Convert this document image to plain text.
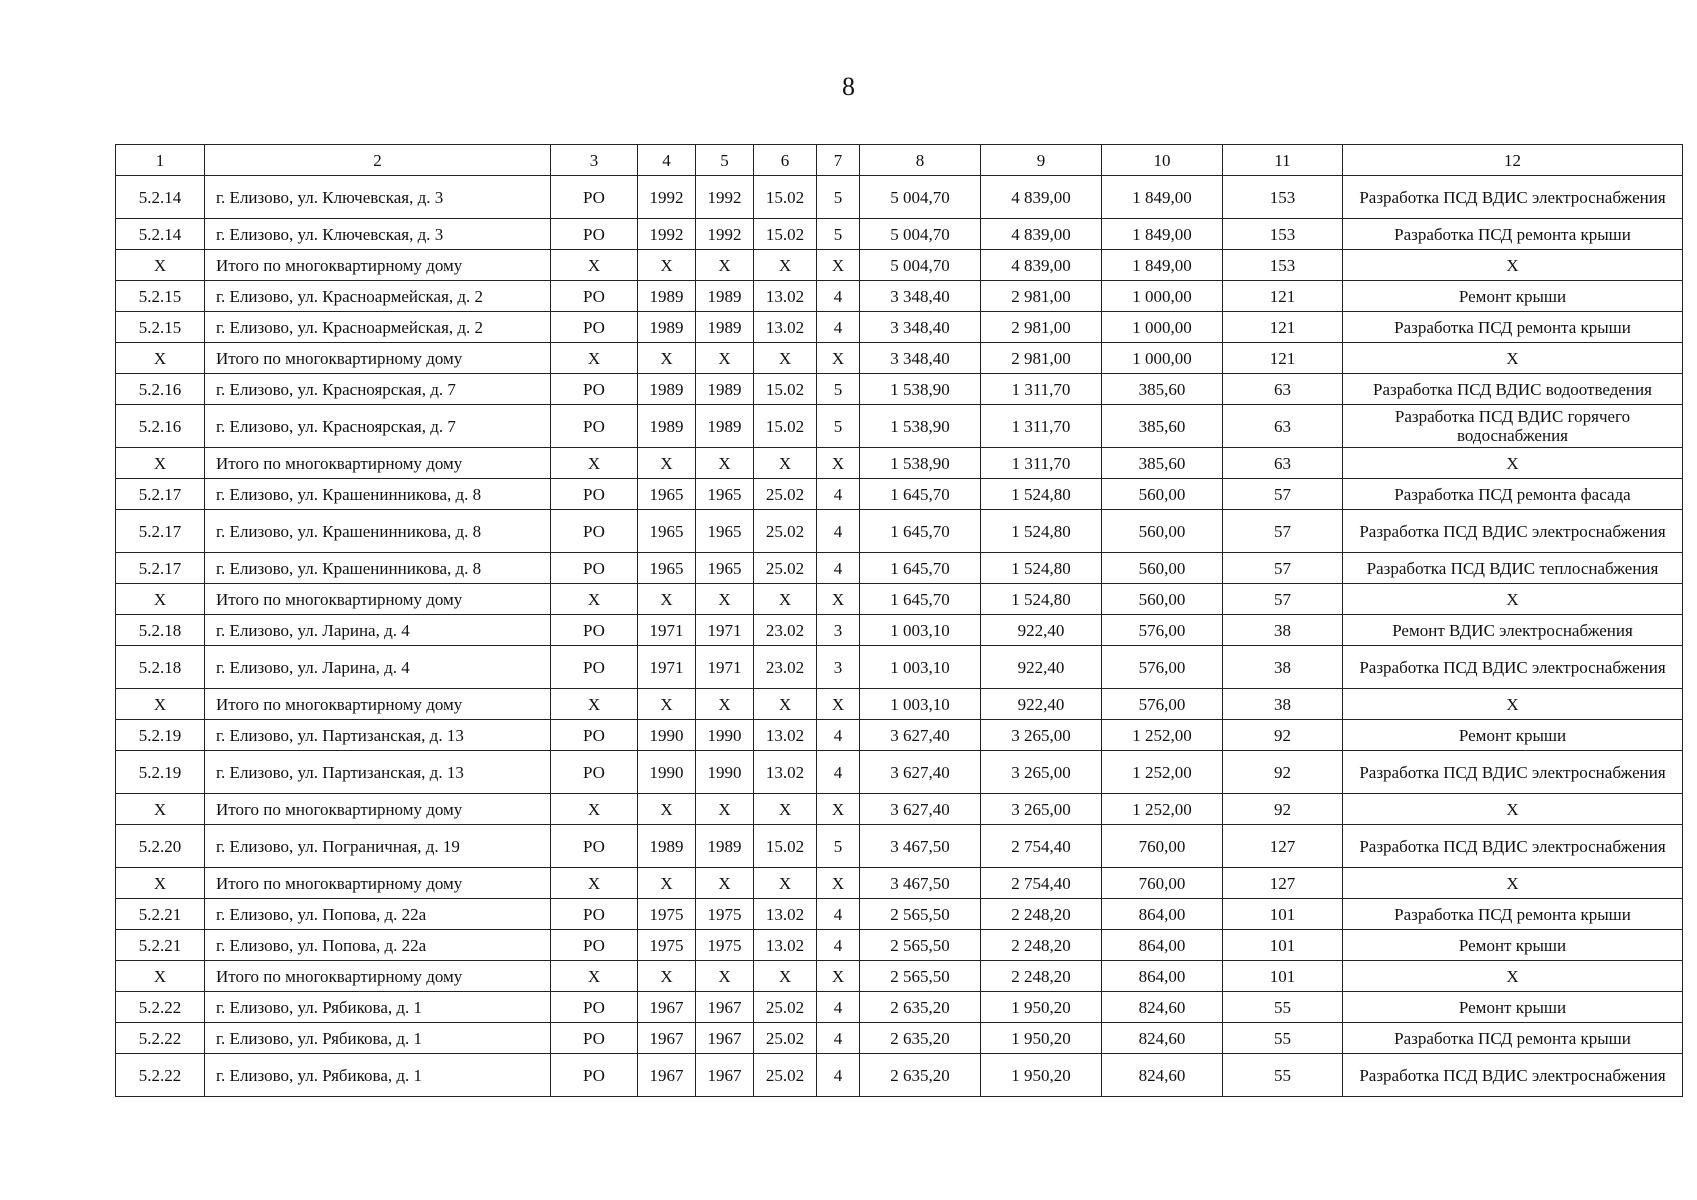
8
1	2	3	4	5	6	7	8	9	10	11	12
5.2.14	г. Елизово, ул. Ключевская, д. 3	РО	1992	1992	15.02	5	5 004,70	4 839,00	1 849,00	153	Разработка ПСД ВДИС электроснабжения
5.2.14	г. Елизово, ул. Ключевская, д. 3	РО	1992	1992	15.02	5	5 004,70	4 839,00	1 849,00	153	Разработка ПСД ремонта крыши
Х	Итого по многоквартирному дому	Х	Х	Х	Х	Х	5 004,70	4 839,00	1 849,00	153	Х
5.2.15	г. Елизово, ул. Красноармейская, д. 2	РО	1989	1989	13.02	4	3 348,40	2 981,00	1 000,00	121	Ремонт крыши
5.2.15	г. Елизово, ул. Красноармейская, д. 2	РО	1989	1989	13.02	4	3 348,40	2 981,00	1 000,00	121	Разработка ПСД ремонта крыши
Х	Итого по многоквартирному дому	Х	Х	Х	Х	Х	3 348,40	2 981,00	1 000,00	121	Х
5.2.16	г. Елизово, ул. Красноярская, д. 7	РО	1989	1989	15.02	5	1 538,90	1 311,70	385,60	63	Разработка ПСД ВДИС водоотведения
5.2.16	г. Елизово, ул. Красноярская, д. 7	РО	1989	1989	15.02	5	1 538,90	1 311,70	385,60	63	Разработка ПСД ВДИС горячего водоснабжения
Х	Итого по многоквартирному дому	Х	Х	Х	Х	Х	1 538,90	1 311,70	385,60	63	Х
5.2.17	г. Елизово, ул. Крашенинникова, д. 8	РО	1965	1965	25.02	4	1 645,70	1 524,80	560,00	57	Разработка ПСД ремонта фасада
5.2.17	г. Елизово, ул. Крашенинникова, д. 8	РО	1965	1965	25.02	4	1 645,70	1 524,80	560,00	57	Разработка ПСД ВДИС электроснабжения
5.2.17	г. Елизово, ул. Крашенинникова, д. 8	РО	1965	1965	25.02	4	1 645,70	1 524,80	560,00	57	Разработка ПСД ВДИС теплоснабжения
Х	Итого по многоквартирному дому	Х	Х	Х	Х	Х	1 645,70	1 524,80	560,00	57	Х
5.2.18	г. Елизово, ул. Ларина, д. 4	РО	1971	1971	23.02	3	1 003,10	922,40	576,00	38	Ремонт ВДИС электроснабжения
5.2.18	г. Елизово, ул. Ларина, д. 4	РО	1971	1971	23.02	3	1 003,10	922,40	576,00	38	Разработка ПСД ВДИС электроснабжения
Х	Итого по многоквартирному дому	Х	Х	Х	Х	Х	1 003,10	922,40	576,00	38	Х
5.2.19	г. Елизово, ул. Партизанская, д. 13	РО	1990	1990	13.02	4	3 627,40	3 265,00	1 252,00	92	Ремонт крыши
5.2.19	г. Елизово, ул. Партизанская, д. 13	РО	1990	1990	13.02	4	3 627,40	3 265,00	1 252,00	92	Разработка ПСД ВДИС электроснабжения
Х	Итого по многоквартирному дому	Х	Х	Х	Х	Х	3 627,40	3 265,00	1 252,00	92	Х
5.2.20	г. Елизово, ул. Пограничная, д. 19	РО	1989	1989	15.02	5	3 467,50	2 754,40	760,00	127	Разработка ПСД ВДИС электроснабжения
Х	Итого по многоквартирному дому	Х	Х	Х	Х	Х	3 467,50	2 754,40	760,00	127	Х
5.2.21	г. Елизово, ул. Попова, д. 22а	РО	1975	1975	13.02	4	2 565,50	2 248,20	864,00	101	Разработка ПСД ремонта крыши
5.2.21	г. Елизово, ул. Попова, д. 22а	РО	1975	1975	13.02	4	2 565,50	2 248,20	864,00	101	Ремонт крыши
Х	Итого по многоквартирному дому	Х	Х	Х	Х	Х	2 565,50	2 248,20	864,00	101	Х
5.2.22	г. Елизово, ул. Рябикова, д. 1	РО	1967	1967	25.02	4	2 635,20	1 950,20	824,60	55	Ремонт крыши
5.2.22	г. Елизово, ул. Рябикова, д. 1	РО	1967	1967	25.02	4	2 635,20	1 950,20	824,60	55	Разработка ПСД ремонта крыши
5.2.22	г. Елизово, ул. Рябикова, д. 1	РО	1967	1967	25.02	4	2 635,20	1 950,20	824,60	55	Разработка ПСД ВДИС электроснабжения
